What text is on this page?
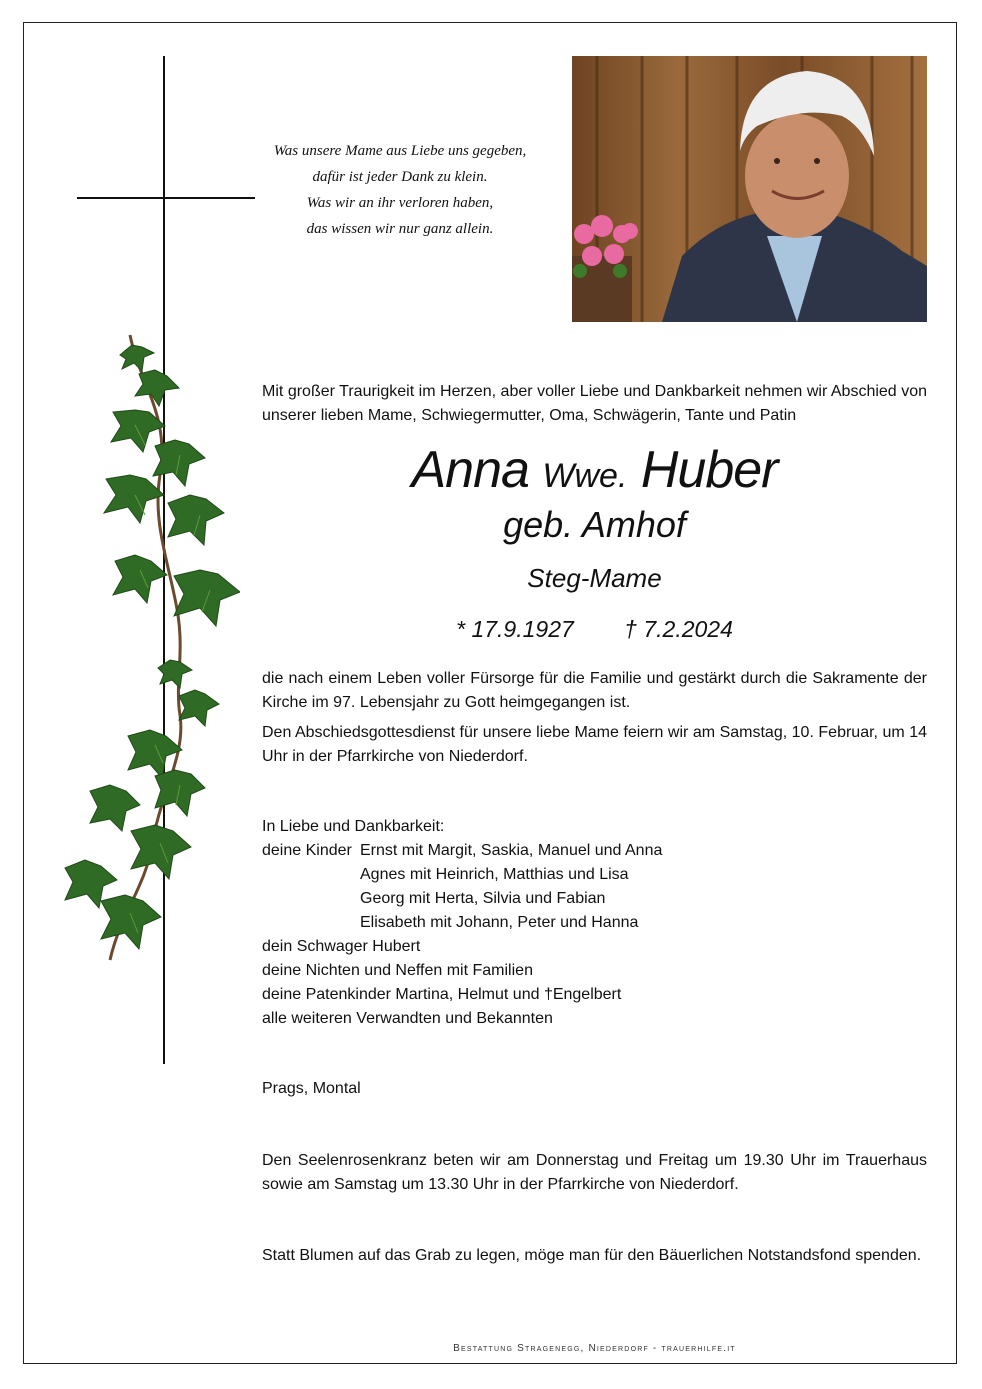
Was unsere Mame aus Liebe uns gegeben,
dafür ist jeder Dank zu klein.
Was wir an ihr verloren haben,
das wissen wir nur ganz allein.
Mit großer Traurigkeit im Herzen, aber voller Liebe und Dankbarkeit nehmen wir Abschied von unserer lieben Mame, Schwiegermutter, Oma, Schwägerin, Tante und Patin
Anna Wwe. Huber
geb. Amhof
Steg-Mame
* 17.9.1927 † 7.2.2024
die nach einem Leben voller Fürsorge für die Familie und gestärkt durch die Sakramente der Kirche im 97. Lebensjahr zu Gott heimgegangen ist.
Den Abschiedsgottesdienst für unsere liebe Mame feiern wir am Samstag, 10. Februar, um 14 Uhr in der Pfarrkirche von Niederdorf.
In Liebe und Dankbarkeit:
deine Kinder Ernst mit Margit, Saskia, Manuel und Anna
Agnes mit Heinrich, Matthias und Lisa
Georg mit Herta, Silvia und Fabian
Elisabeth mit Johann, Peter und Hanna
dein Schwager Hubert
deine Nichten und Neffen mit Familien
deine Patenkinder Martina, Helmut und †Engelbert
alle weiteren Verwandten und Bekannten
Prags, Montal
Den Seelenrosenkranz beten wir am Donnerstag und Freitag um 19.30 Uhr im Trauerhaus sowie am Samstag um 13.30 Uhr in der Pfarrkirche von Niederdorf.
Statt Blumen auf das Grab zu legen, möge man für den Bäuerlichen Notstandsfond spenden.
Bestattung Stragenegg, Niederdorf - trauerhilfe.it
